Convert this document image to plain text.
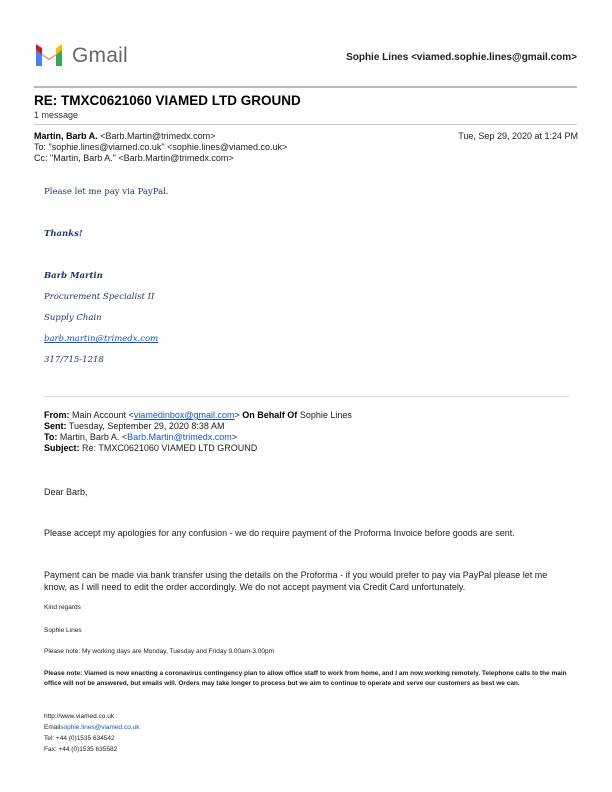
Gmail	Sophie Lines <viamed.sophie.lines@gmail.com>
RE: TMXC0621060 VIAMED LTD GROUND
1 message
Martin, Barb A. <Barb.Martin@trimedx.com>	Tue, Sep 29, 2020 at 1:24 PM
To: "sophie.lines@viamed.co.uk" <sophie.lines@viamed.co.uk>
Cc: "Martin, Barb A." <Barb.Martin@trimedx.com>
Please let me pay via PayPal.
Thanks!
Barb Martin
Procurement Specialist II
Supply Chain
barb.martin@trimedx.com
317/715-1218
From: Main Account <viamedinbox@gmail.com> On Behalf Of Sophie Lines
Sent: Tuesday, September 29, 2020 8:38 AM
To: Martin, Barb A. <Barb.Martin@trimedx.com>
Subject: Re: TMXC0621060 VIAMED LTD GROUND
Dear Barb,
Please accept my apologies for any confusion - we do require payment of the Proforma Invoice before goods are sent.
Payment can be made via bank transfer using the details on the Proforma - if you would prefer to pay via PayPal please let me know, as I will need to edit the order accordingly. We do not accept payment via Credit Card unfortunately.
Kind regards
Sophie Lines
Please note: My working days are Monday, Tuesday and Friday 9.00am-3.00pm
Please note: Viamed is now enacting a coronavirus contingency plan to allow office staff to work from home, and I am now working remotely. Telephone calls to the main office will not be answered, but emails will. Orders may take longer to process but we aim to continue to operate and serve our customers as best we can.
http://www.viamed.co.uk
Emailsophie.lines@viamed.co.uk
Tel: +44 (0)1535 634542
Fax: +44 (0)1535 635582
